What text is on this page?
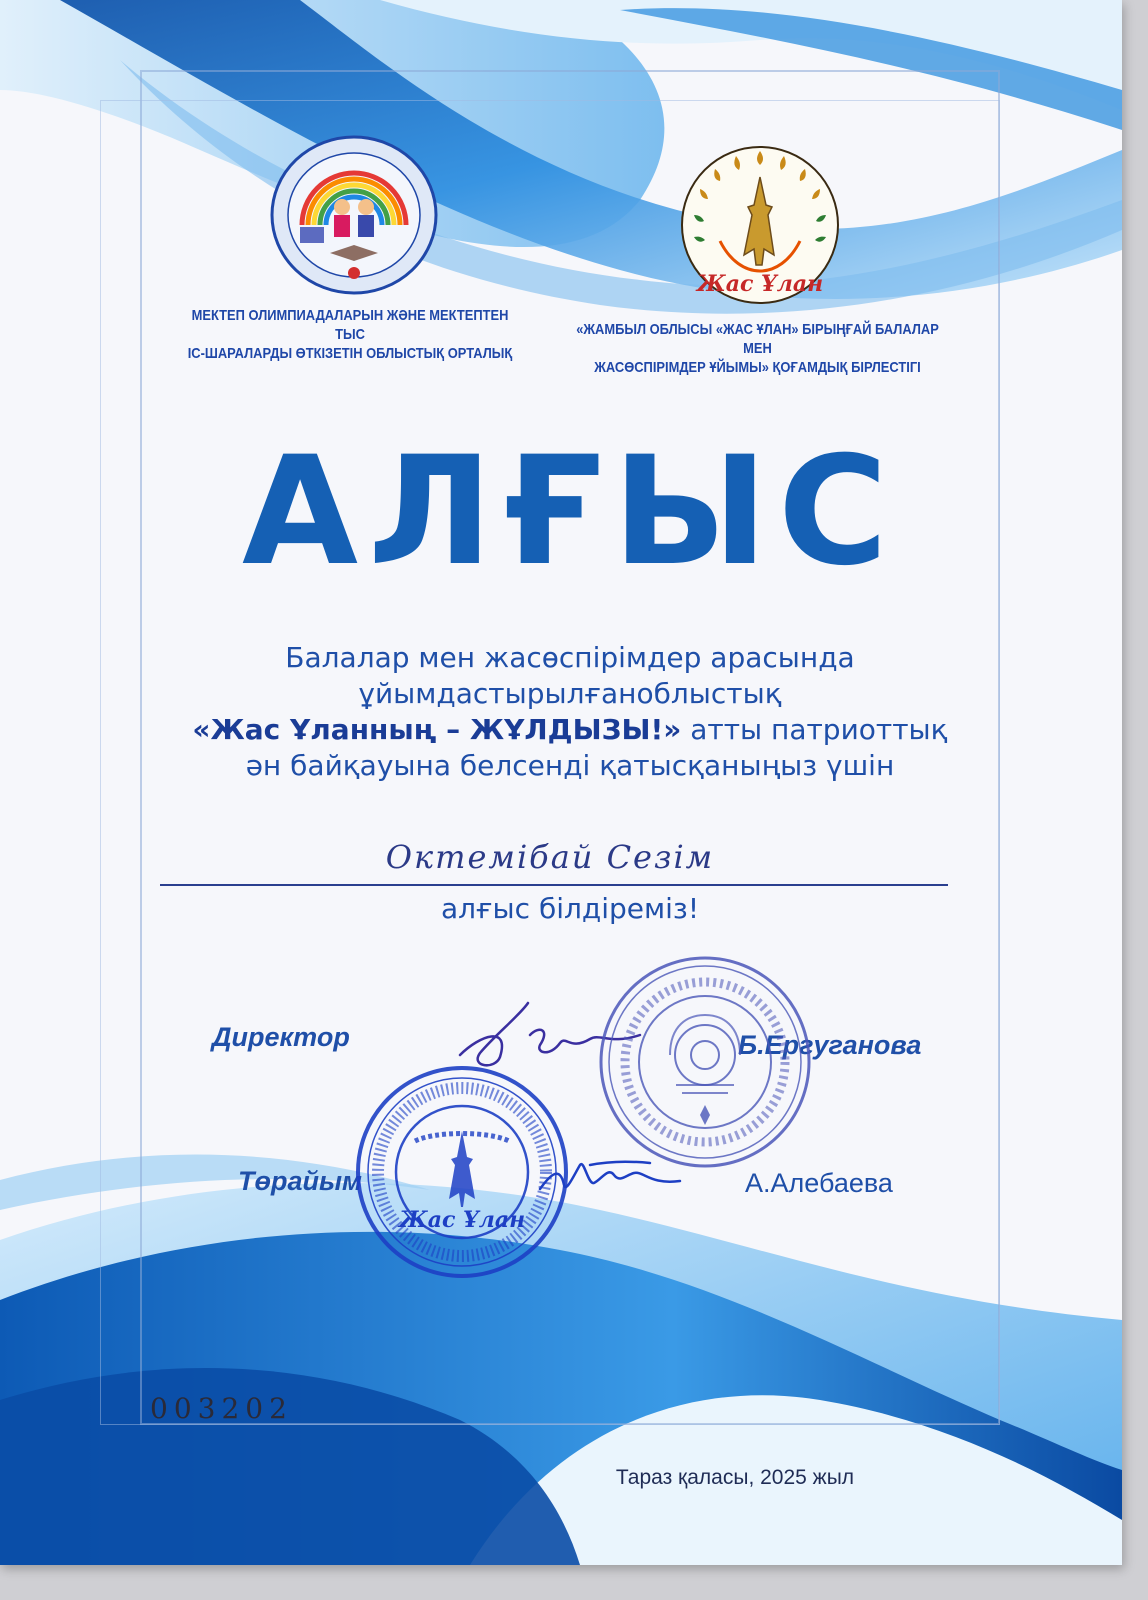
Жас Ұлан
МЕКТЕП ОЛИМПИАДАЛАРЫН ЖӘНЕ МЕКТЕПТЕН ТЫС
ІС-ШАРАЛАРДЫ ӨТКІЗЕТІН ОБЛЫСТЫҚ ОРТАЛЫҚ
«ЖАМБЫЛ ОБЛЫСЫ «ЖАС ҰЛАН» БІРЫҢҒАЙ БАЛАЛАР МЕН
ЖАСӨСПІРІМДЕР ҰЙЫМЫ» ҚОҒАМДЫҚ БІРЛЕСТІГІ
АЛҒЫС
Балалар мен жасөспірімдер арасында
ұйымдастырылғаноблыстық
«Жас Ұланның – ЖҰЛДЫЗЫ!» атты патриоттық
ән байқауына белсенді қатысқаныңыз үшін
Октемібай Сезім
алғыс білдіреміз!
Директор	Б.Ергуганова
Төрайым	А.Алебаева
Жас Ұлан
003202
Тараз қаласы, 2025 жыл
